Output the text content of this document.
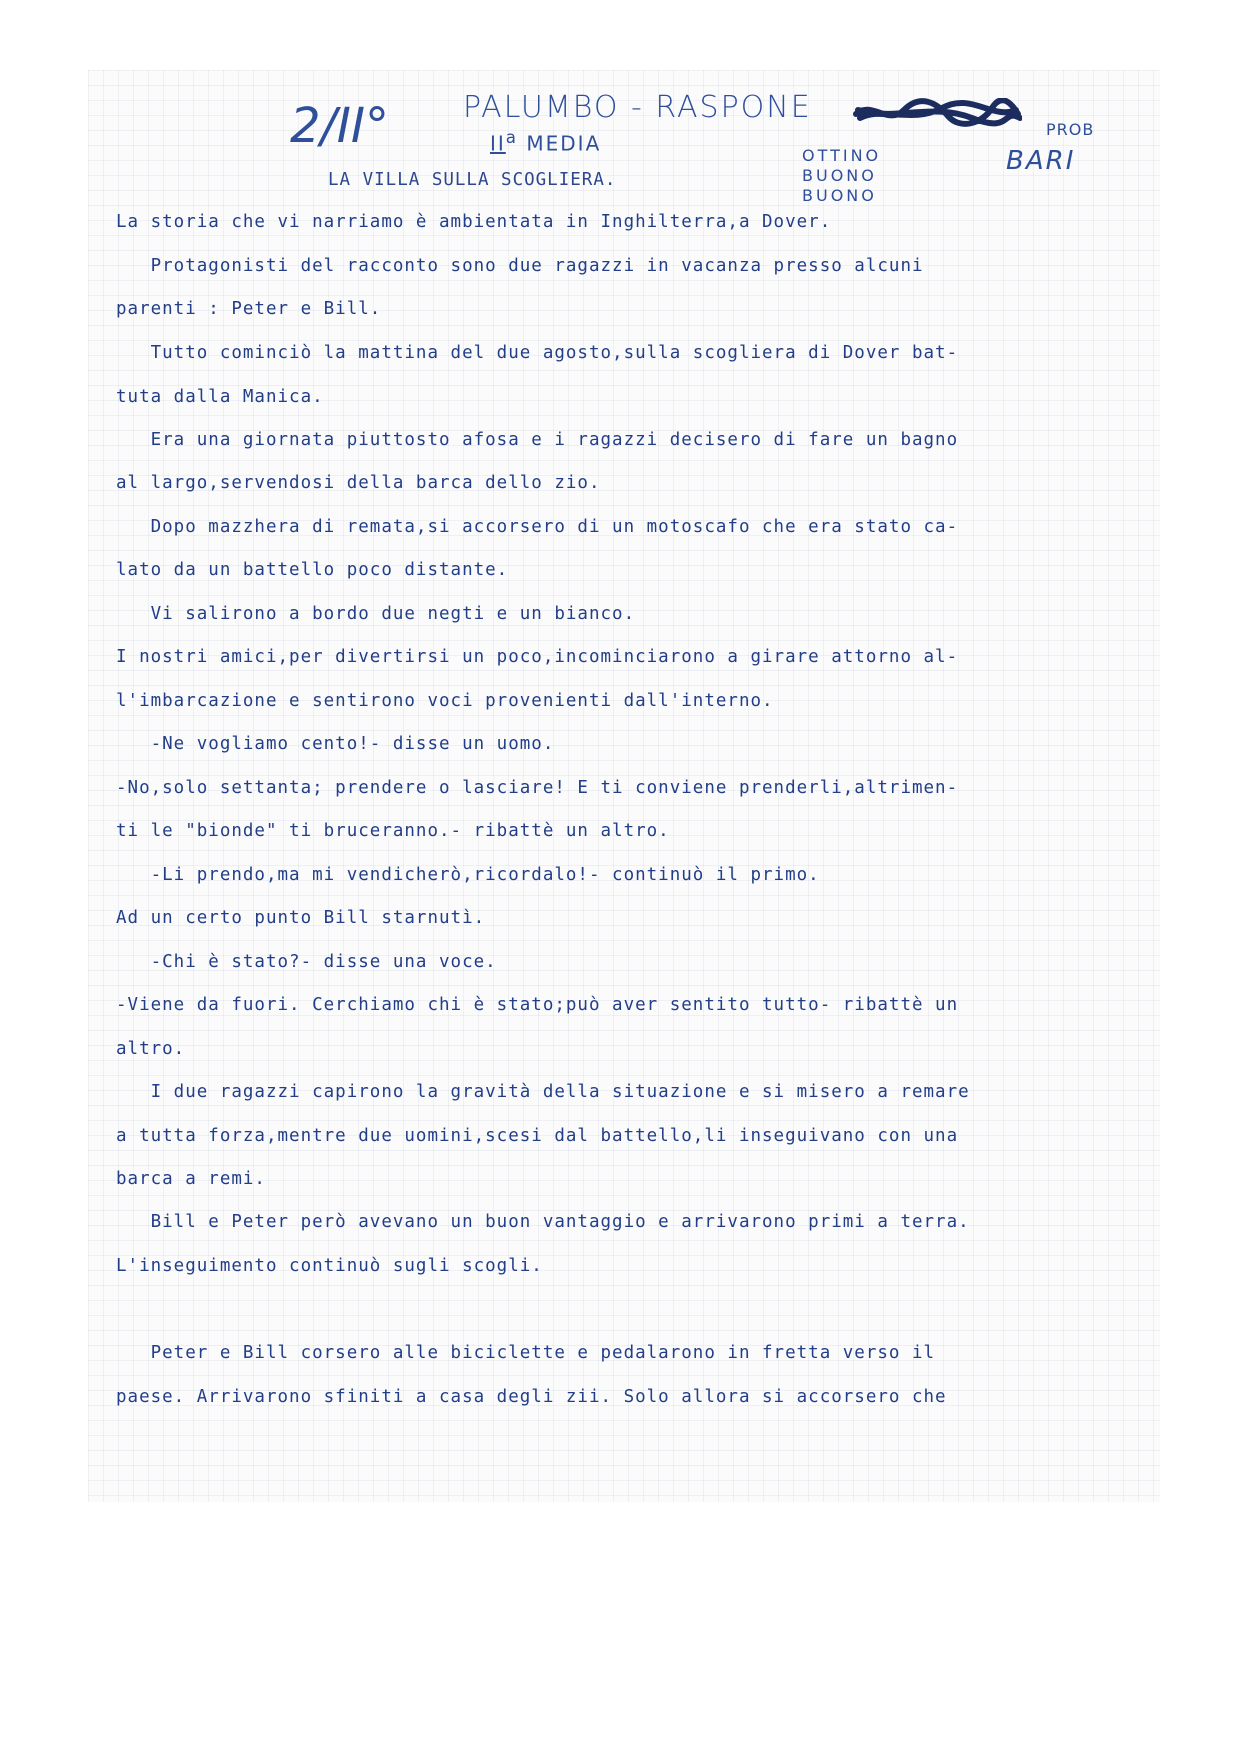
2/II° PALUMBO - RASPONE
$II^a$ MEDIA	OTTINO
BUONO
BUONO
PROB
BARI
LA VILLA SULLA SCOGLIERA.
La storia che vi narriamo è ambientata in Inghilterra,a Dover.
Protagonisti del racconto sono due ragazzi in vacanza presso alcuni
parenti : Peter e Bill.
Tutto cominciò la mattina del due agosto,sulla scogliera di Dover bat-
tuta dalla Manica.
Era una giornata piuttosto afosa e i ragazzi decisero di fare un bagno
al largo,servendosi della barca dello zio.
Dopo mazzhera di remata,si accorsero di un motoscafo che era stato ca-
lato da un battello poco distante.
Vi salirono a bordo due negti e un bianco.
I nostri amici,per divertirsi un poco,incominciarono a girare attorno al-
l'imbarcazione e sentirono voci provenienti dall'interno.
-Ne vogliamo cento!- disse un uomo.
-No,solo settanta; prendere o lasciare! E ti conviene prenderli,altrimen-
ti le "bionde" ti bruceranno.- ribattè un altro.
-Li prendo,ma mi vendicherò,ricordalo!- continuò il primo.
Ad un certo punto Bill starnutì.
-Chi è stato?- disse una voce.
-Viene da fuori. Cerchiamo chi è stato;può aver sentito tutto- ribattè un
altro.
I due ragazzi capirono la gravità della situazione e si misero a remare
a tutta forza,mentre due uomini,scesi dal battello,li inseguivano con una
barca a remi.
Bill e Peter però avevano un buon vantaggio e arrivarono primi a terra.
L'inseguimento continuò sugli scogli.
Peter e Bill corsero alle biciclette e pedalarono in fretta verso il
paese. Arrivarono sfiniti a casa degli zii. Solo allora si accorsero che
